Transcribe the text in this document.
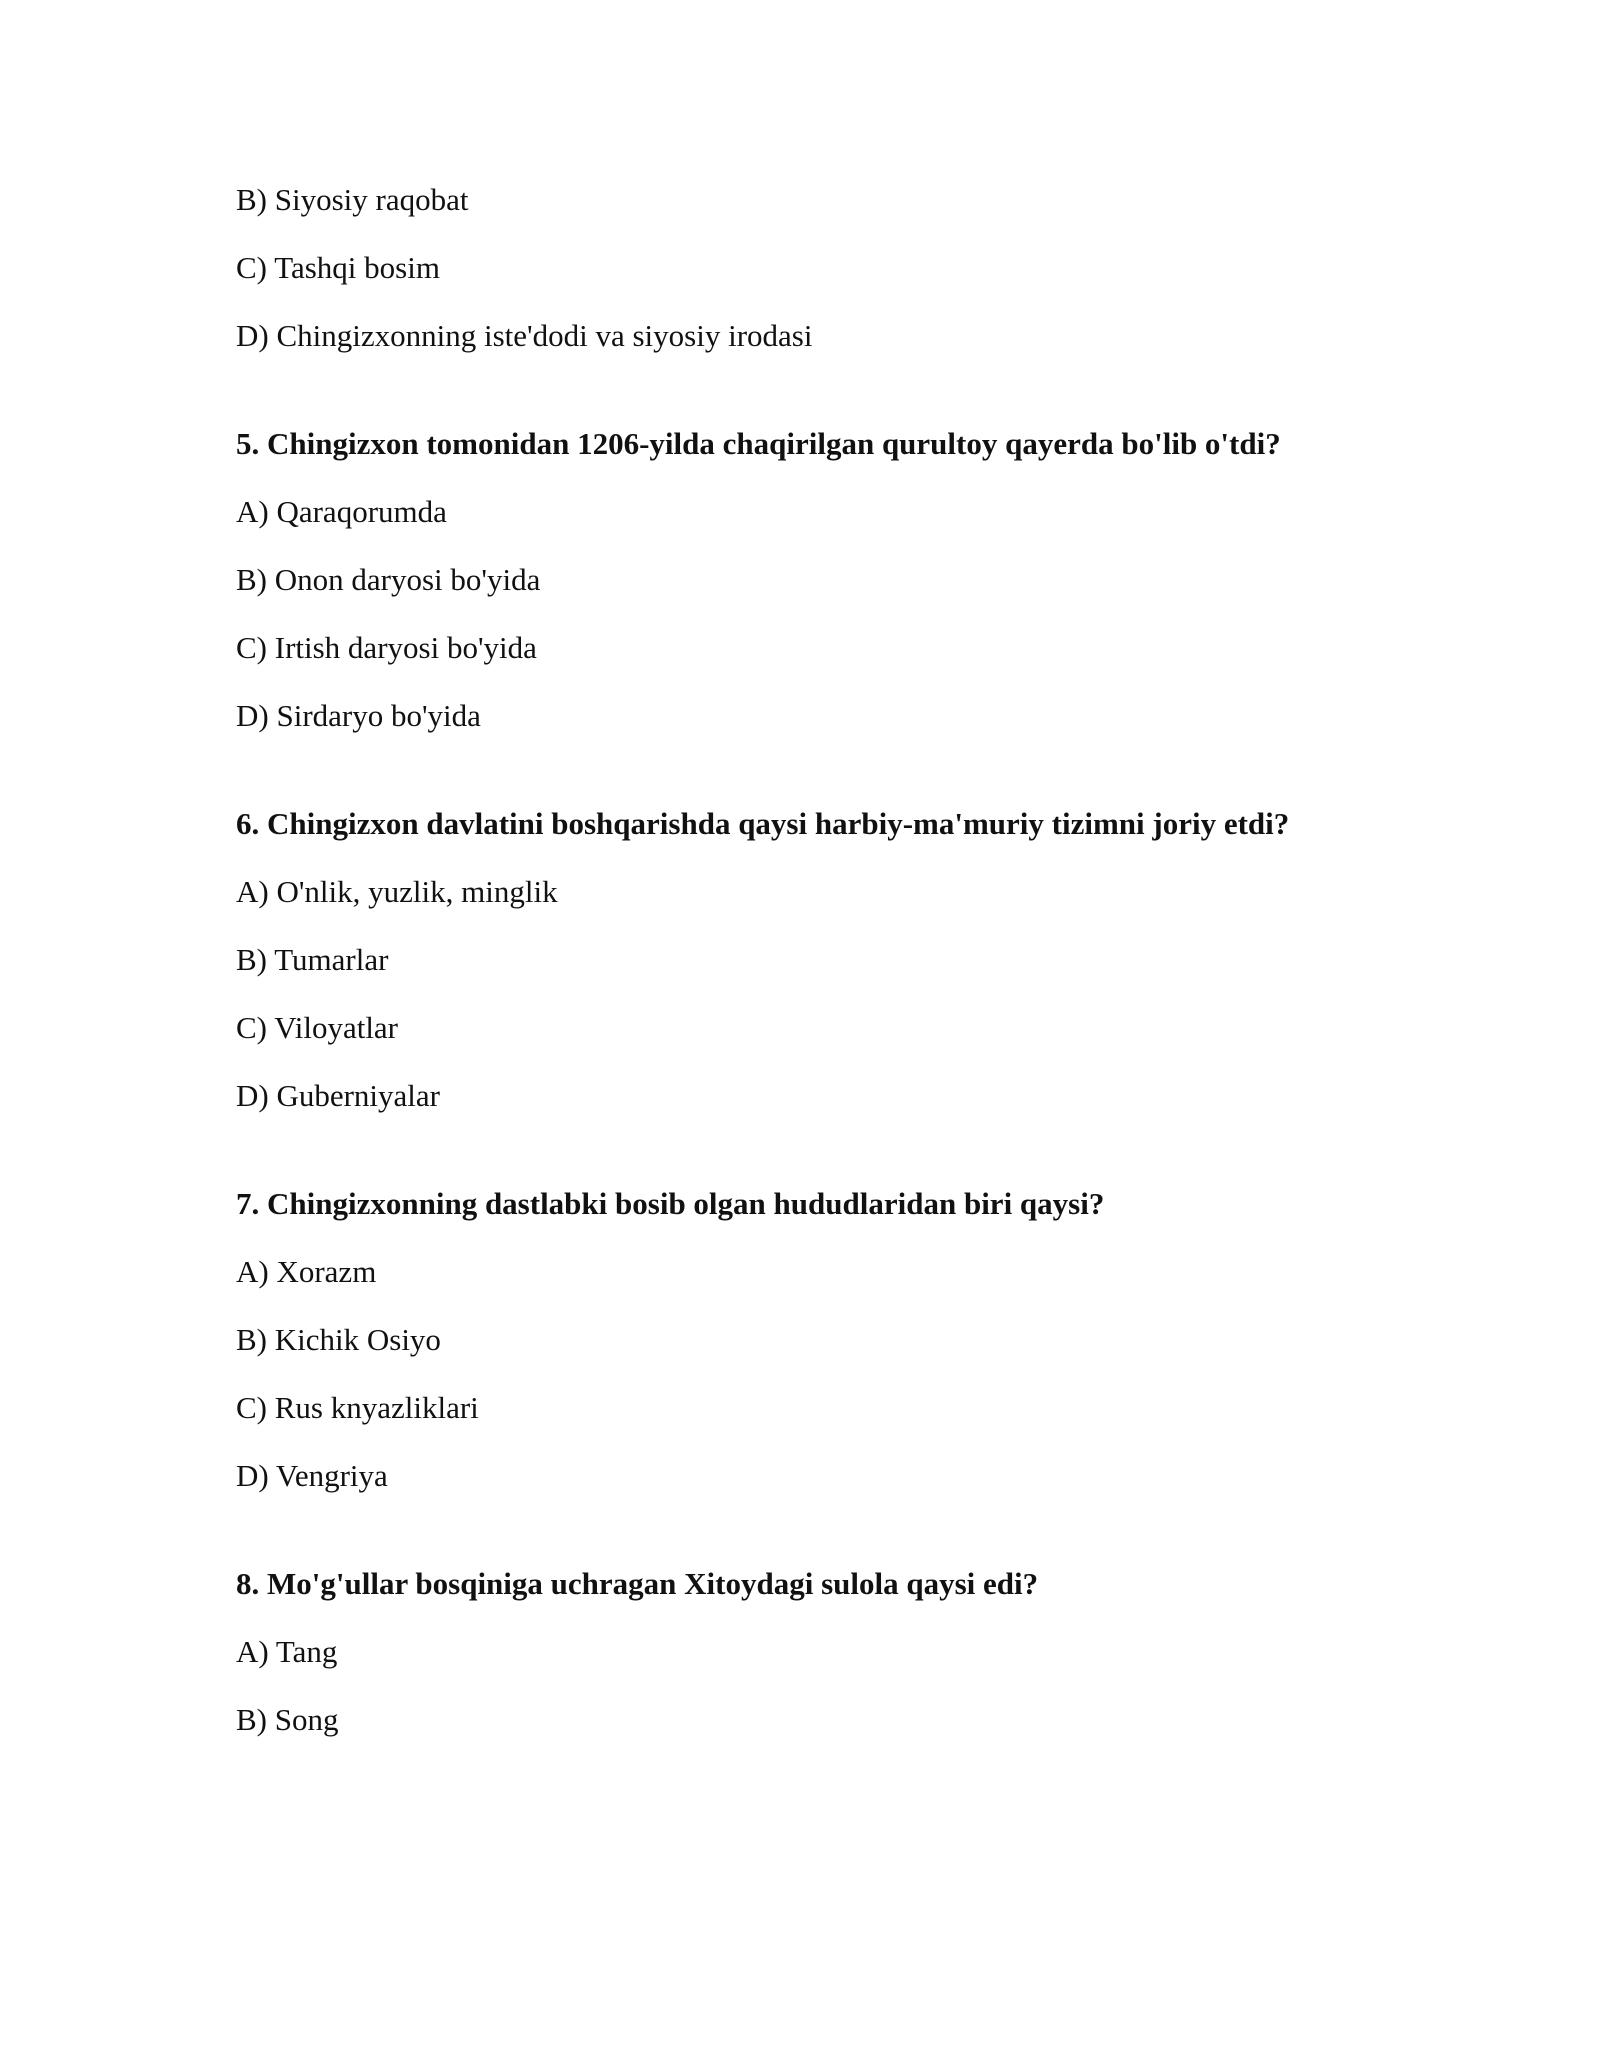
B) Siyosiy raqobat
C) Tashqi bosim
D) Chingizxonning iste'dodi va siyosiy irodasi
5. Chingizxon tomonidan 1206-yilda chaqirilgan qurultoy qayerda bo'lib o'tdi?
A) Qaraqorumda
B) Onon daryosi bo'yida
C) Irtish daryosi bo'yida
D) Sirdaryo bo'yida
6. Chingizxon davlatini boshqarishda qaysi harbiy-ma'muriy tizimni joriy etdi?
A) O'nlik, yuzlik, minglik
B) Tumarlar
C) Viloyatlar
D) Guberniyalar
7. Chingizxonning dastlabki bosib olgan hududlaridan biri qaysi?
A) Xorazm
B) Kichik Osiyo
C) Rus knyazliklari
D) Vengriya
8. Mo'g'ullar bosqiniga uchragan Xitoydagi sulola qaysi edi?
A) Tang
B) Song
